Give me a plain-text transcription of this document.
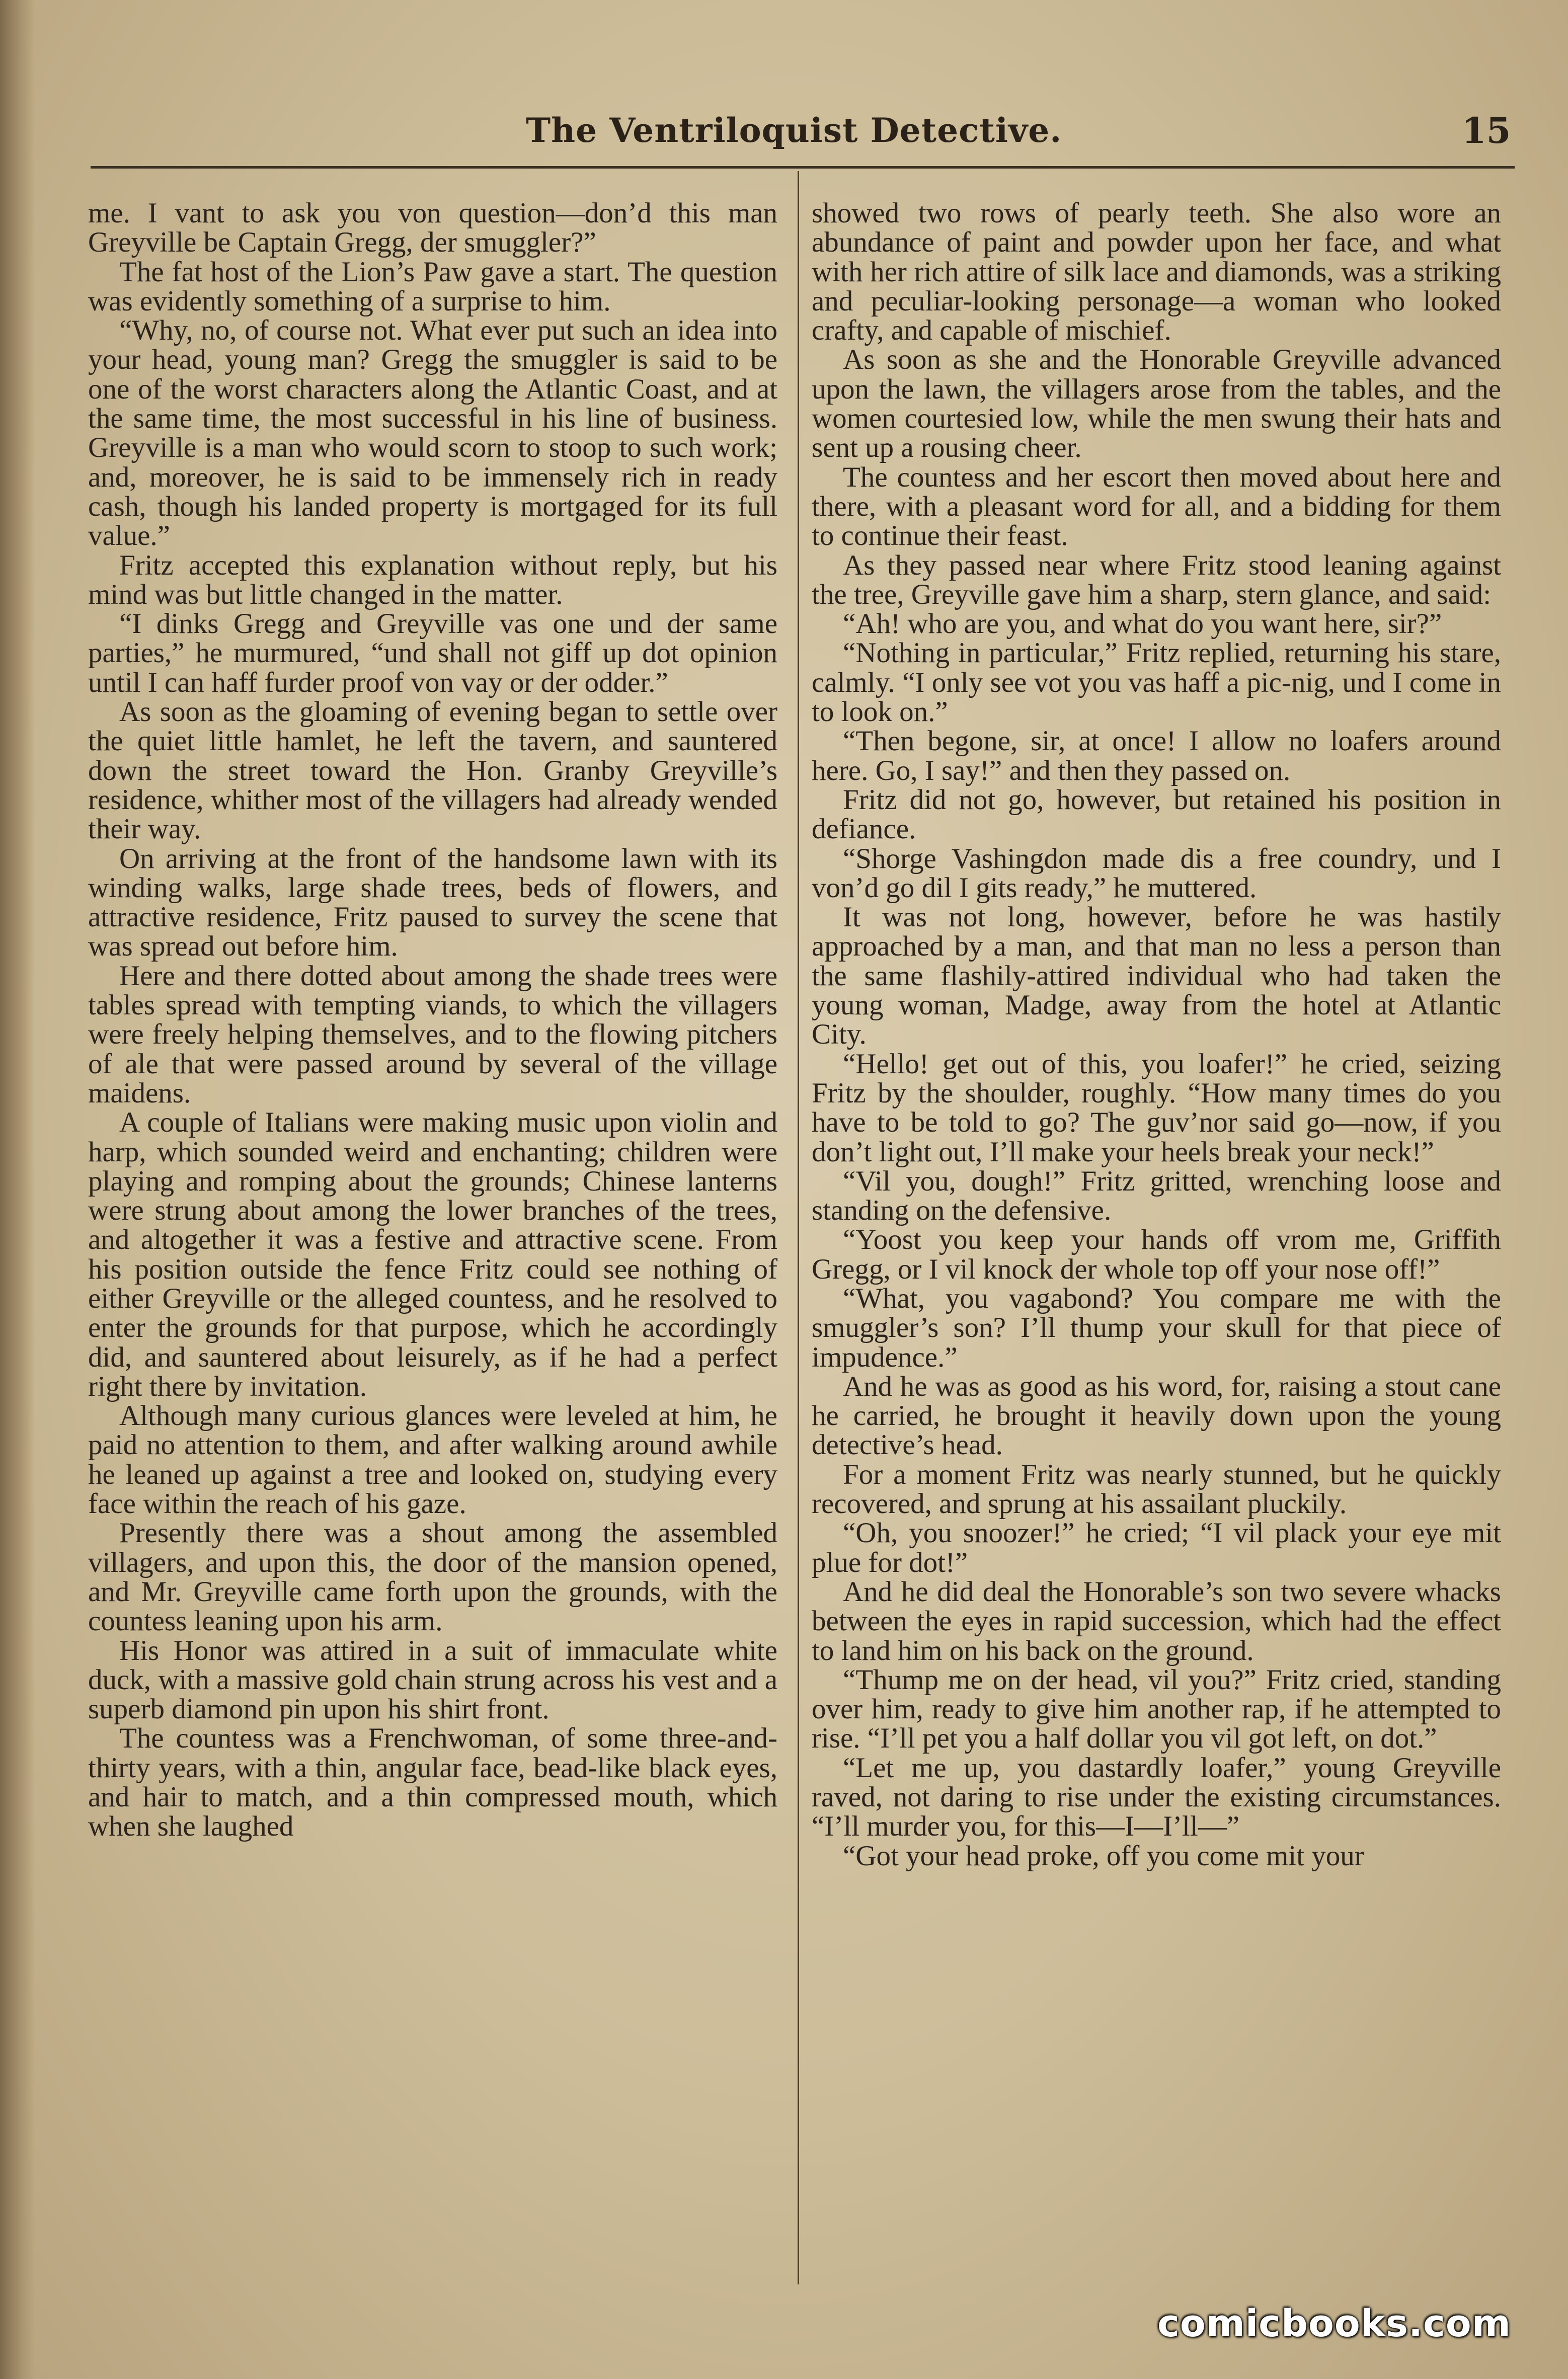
The Ventriloquist Detective.	15

me. I vant to ask you von question—don’d this man Greyville be Captain Gregg, der smuggler?”

The fat host of the Lion’s Paw gave a start. The question was evidently something of a surprise to him.

“Why, no, of course not. What ever put such an idea into your head, young man? Gregg the smuggler is said to be one of the worst characters along the Atlantic Coast, and at the same time, the most successful in his line of business. Greyville is a man who would scorn to stoop to such work; and, moreover, he is said to be immensely rich in ready cash, though his landed property is mortgaged for its full value.”

Fritz accepted this explanation without reply, but his mind was but little changed in the matter.

“I dinks Gregg and Greyville vas one und der same parties,” he murmured, “und shall not giff up dot opinion until I can haff furder proof von vay or der odder.”

As soon as the gloaming of evening began to settle over the quiet little hamlet, he left the tavern, and sauntered down the street toward the Hon. Granby Greyville’s residence, whither most of the villagers had already wended their way.

On arriving at the front of the handsome lawn with its winding walks, large shade trees, beds of flowers, and attractive residence, Fritz paused to survey the scene that was spread out before him.

Here and there dotted about among the shade trees were tables spread with tempting viands, to which the villagers were freely helping themselves, and to the flowing pitchers of ale that were passed around by several of the village maidens.

A couple of Italians were making music upon violin and harp, which sounded weird and enchanting; children were playing and romping about the grounds; Chinese lanterns were strung about among the lower branches of the trees, and altogether it was a festive and attractive scene. From his position outside the fence Fritz could see nothing of either Greyville or the alleged countess, and he resolved to enter the grounds for that purpose, which he accordingly did, and sauntered about leisurely, as if he had a perfect right there by invitation.

Although many curious glances were leveled at him, he paid no attention to them, and after walking around awhile he leaned up against a tree and looked on, studying every face within the reach of his gaze.

Presently there was a shout among the assembled villagers, and upon this, the door of the mansion opened, and Mr. Greyville came forth upon the grounds, with the countess leaning upon his arm.

His Honor was attired in a suit of immaculate white duck, with a massive gold chain strung across his vest and a superb diamond pin upon his shirt front.

The countess was a Frenchwoman, of some three-and-thirty years, with a thin, angular face, bead-like black eyes, and hair to match, and a thin compressed mouth, which when she laughed

showed two rows of pearly teeth. She also wore an abundance of paint and powder upon her face, and what with her rich attire of silk lace and diamonds, was a striking and peculiar-looking personage—a woman who looked crafty, and capable of mischief.

As soon as she and the Honorable Greyville advanced upon the lawn, the villagers arose from the tables, and the women courtesied low, while the men swung their hats and sent up a rousing cheer.

The countess and her escort then moved about here and there, with a pleasant word for all, and a bidding for them to continue their feast.

As they passed near where Fritz stood leaning against the tree, Greyville gave him a sharp, stern glance, and said:

“Ah! who are you, and what do you want here, sir?”

“Nothing in particular,” Fritz replied, returning his stare, calmly. “I only see vot you vas haff a pic-nig, und I come in to look on.”

“Then begone, sir, at once! I allow no loafers around here. Go, I say!” and then they passed on.

Fritz did not go, however, but retained his position in defiance.

“Shorge Vashingdon made dis a free coundry, und I von’d go dil I gits ready,” he muttered.

It was not long, however, before he was hastily approached by a man, and that man no less a person than the same flashily-attired individual who had taken the young woman, Madge, away from the hotel at Atlantic City.

“Hello! get out of this, you loafer!” he cried, seizing Fritz by the shoulder, roughly. “How many times do you have to be told to go? The guv’nor said go—now, if you don’t light out, I’ll make your heels break your neck!”

“Vil you, dough!” Fritz gritted, wrenching loose and standing on the defensive.

“Yoost you keep your hands off vrom me, Griffith Gregg, or I vil knock der whole top off your nose off!”

“What, you vagabond? You compare me with the smuggler’s son? I’ll thump your skull for that piece of impudence.”

And he was as good as his word, for, raising a stout cane he carried, he brought it heavily down upon the young detective’s head.

For a moment Fritz was nearly stunned, but he quickly recovered, and sprung at his assailant pluckily.

“Oh, you snoozer!” he cried; “I vil plack your eye mit plue for dot!”

And he did deal the Honorable’s son two severe whacks between the eyes in rapid succession, which had the effect to land him on his back on the ground.

“Thump me on der head, vil you?” Fritz cried, standing over him, ready to give him another rap, if he attempted to rise. “I’ll pet you a half dollar you vil got left, on dot.”

“Let me up, you dastardly loafer,” young Greyville raved, not daring to rise under the existing circumstances. “I’ll murder you, for this—I—I’ll—”

“Got your head proke, off you come mit your

comicbooks.com
